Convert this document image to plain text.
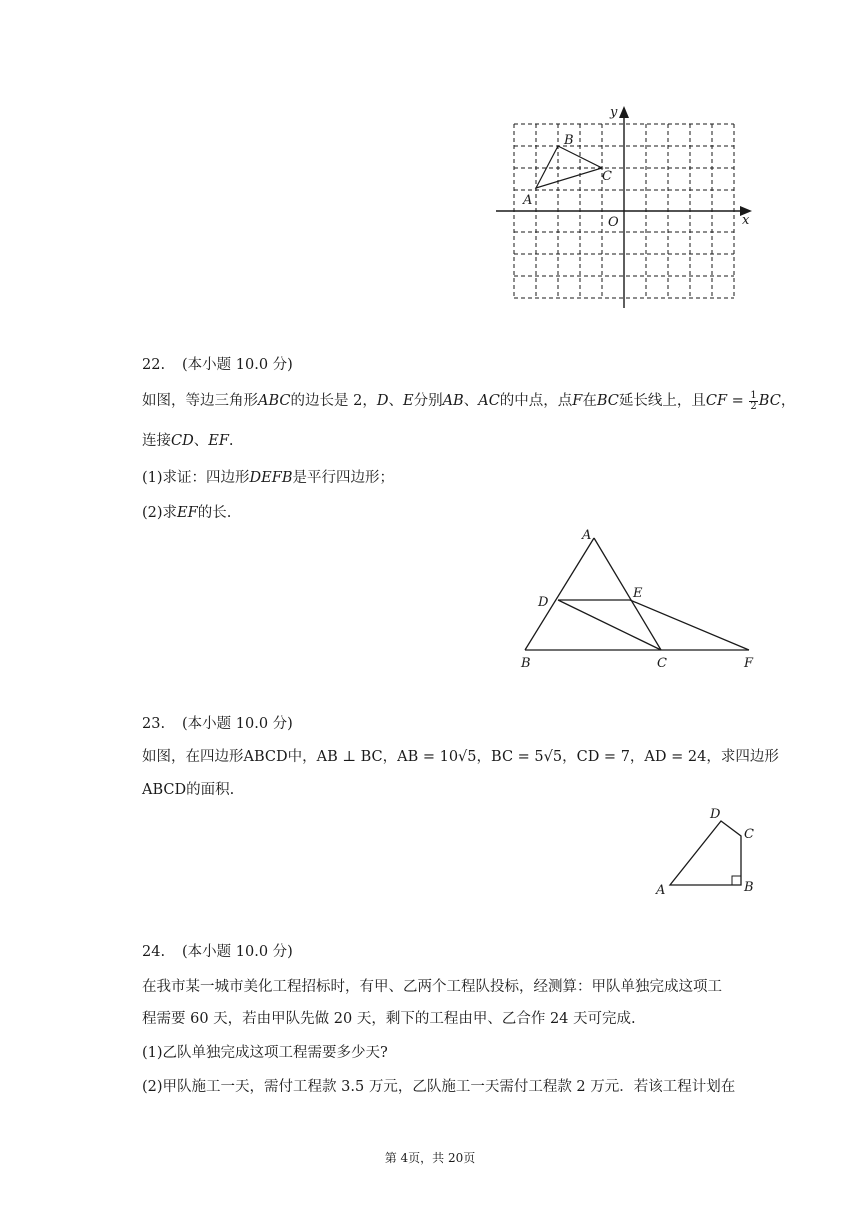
y
x
O
A
B
C
22. (本小题 10.0 分)
如图，等边三角形ABC的边长是 2，D、E分别AB、AC的中点，点F在BC延长线上，且CF = $\frac{1}{2}$ BC，
连接CD、EF.
(1)求证：四边形DEFB是平行四边形；
(2)求EF的长.
A
B	C
D
E
F
23. (本小题 10.0 分)
如图，在四边形ABCD中，AB ⊥ BC，AB = 10√5，BC = 5√5，CD = 7，AD = 24，求四边形
ABCD的面积.
A	B
C
D
24. (本小题 10.0 分)
在我市某一城市美化工程招标时，有甲、乙两个工程队投标，经测算：甲队单独完成这项工
程需要 60 天，若由甲队先做 20 天，剩下的工程由甲、乙合作 24 天可完成.
(1)乙队单独完成这项工程需要多少天?
(2)甲队施工一天，需付工程款 3.5 万元，乙队施工一天需付工程款 2 万元．若该工程计划在
第 4页，共 20页
